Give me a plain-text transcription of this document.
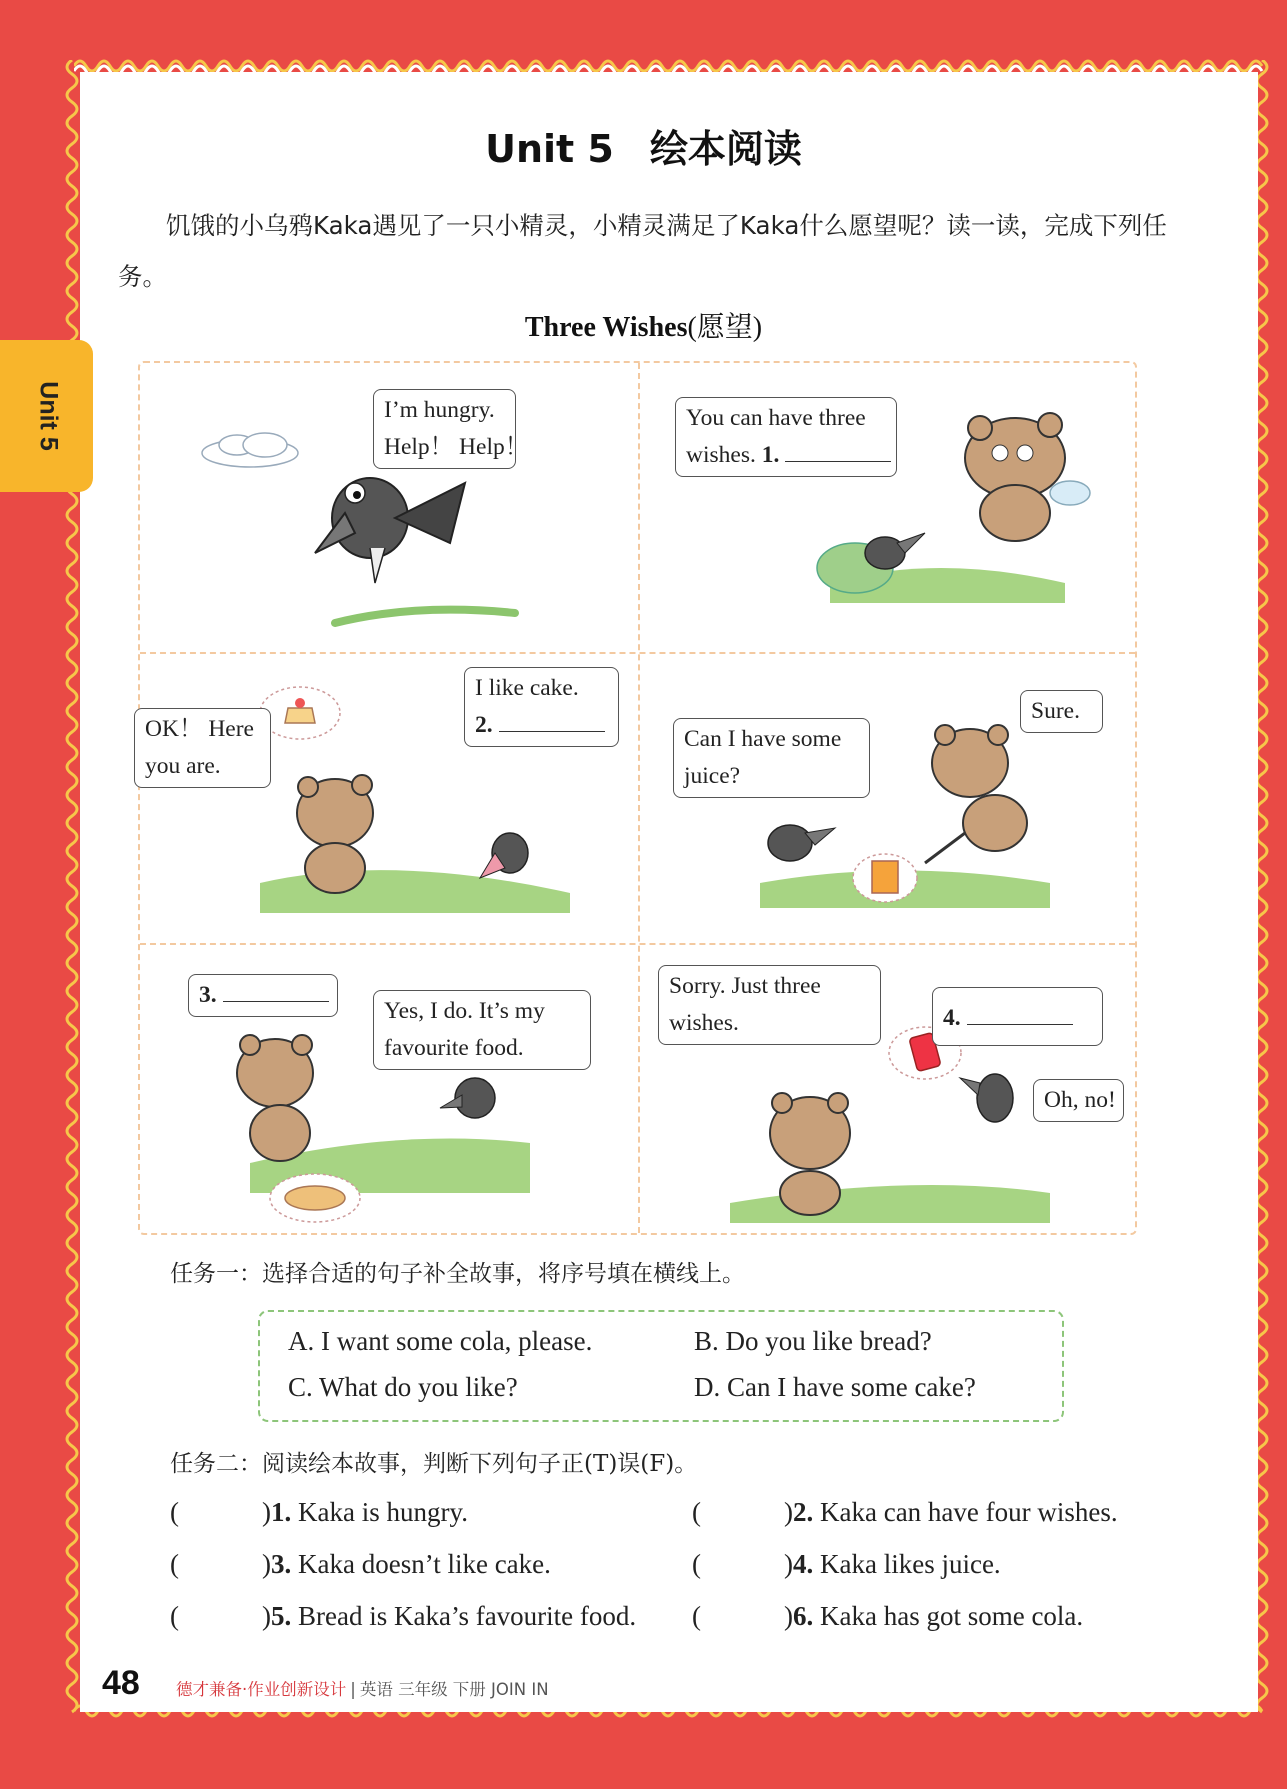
Unit 5
Unit 5 绘本阅读

饥饿的小乌鸦Kaka遇见了一只小精灵，小精灵满足了Kaka什么愿望呢？读一读，完成下列任务。

Three Wishes(愿望)
I’m hungry.
Help！ Help！
You can have three
wishes. 1.
OK！ Here
you are.
I like cake.
2.
Can I have some
juice?
Sure.
3.
Yes, I do. It’s my
favourite food.
Sorry. Just three
wishes.	4.
Oh, no!
任务一：选择合适的句子补全故事，将序号填在横线上。
A. I want some cola, please.	B. Do you like bread?
C. What do you like?	D. Can I have some cake?
任务二：阅读绘本故事，判断下列句子正(T)误(F)。
(	)1. Kaka is hungry.	(	)2. Kaka can have four wishes.
(	)3. Kaka doesn’t like cake.	(	)4. Kaka likes juice.
(	)5. Bread is Kaka’s favourite food. (	)6. Kaka has got some cola.
48 德才兼备·作业创新设计 | 英语 三年级 下册 JOIN IN
